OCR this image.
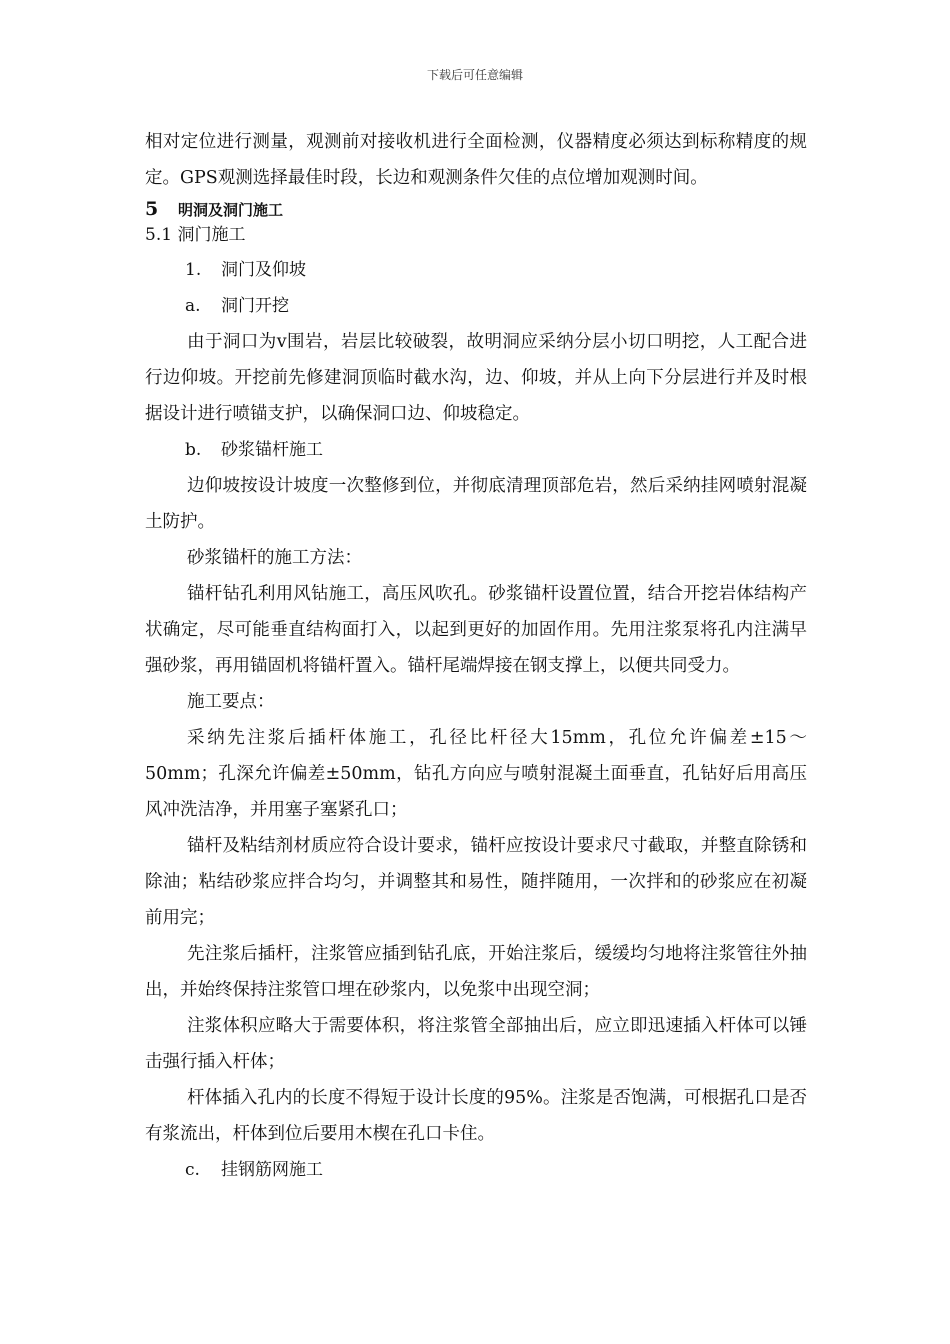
下载后可任意编辑

相对定位进行测量，观测前对接收机进行全面检测，仪器精度必须达到标称精度的规定。GPS观测选择最佳时段，长边和观测条件欠佳的点位增加观测时间。

5 明洞及洞门施工

5.1 洞门施工

1. 洞门及仰坡

a. 洞门开挖

由于洞口为ⅴ围岩，岩层比较破裂，故明洞应采纳分层小切口明挖，人工配合进行边仰坡。开挖前先修建洞顶临时截水沟，边、仰坡，并从上向下分层进行并及时根据设计进行喷锚支护，以确保洞口边、仰坡稳定。

b. 砂浆锚杆施工

边仰坡按设计坡度一次整修到位，并彻底清理顶部危岩，然后采纳挂网喷射混凝土防护。

砂浆锚杆的施工方法：

锚杆钻孔利用风钻施工，高压风吹孔。砂浆锚杆设置位置，结合开挖岩体结构产状确定，尽可能垂直结构面打入，以起到更好的加固作用。先用注浆泵将孔内注满早强砂浆，再用锚固机将锚杆置入。锚杆尾端焊接在钢支撑上，以便共同受力。

施工要点：

采纳先注浆后插杆体施工，孔径比杆径大15mm，孔位允许偏差±15～50mm；孔深允许偏差±50mm，钻孔方向应与喷射混凝土面垂直，孔钻好后用高压风冲洗洁净，并用塞子塞紧孔口；

锚杆及粘结剂材质应符合设计要求，锚杆应按设计要求尺寸截取，并整直除锈和除油；粘结砂浆应拌合均匀，并调整其和易性，随拌随用，一次拌和的砂浆应在初凝前用完；

先注浆后插杆，注浆管应插到钻孔底，开始注浆后，缓缓均匀地将注浆管往外抽出，并始终保持注浆管口埋在砂浆内，以免浆中出现空洞；

注浆体积应略大于需要体积，将注浆管全部抽出后，应立即迅速插入杆体可以锤击强行插入杆体；

杆体插入孔内的长度不得短于设计长度的95%。注浆是否饱满，可根据孔口是否有浆流出，杆体到位后要用木楔在孔口卡住。

c. 挂钢筋网施工
